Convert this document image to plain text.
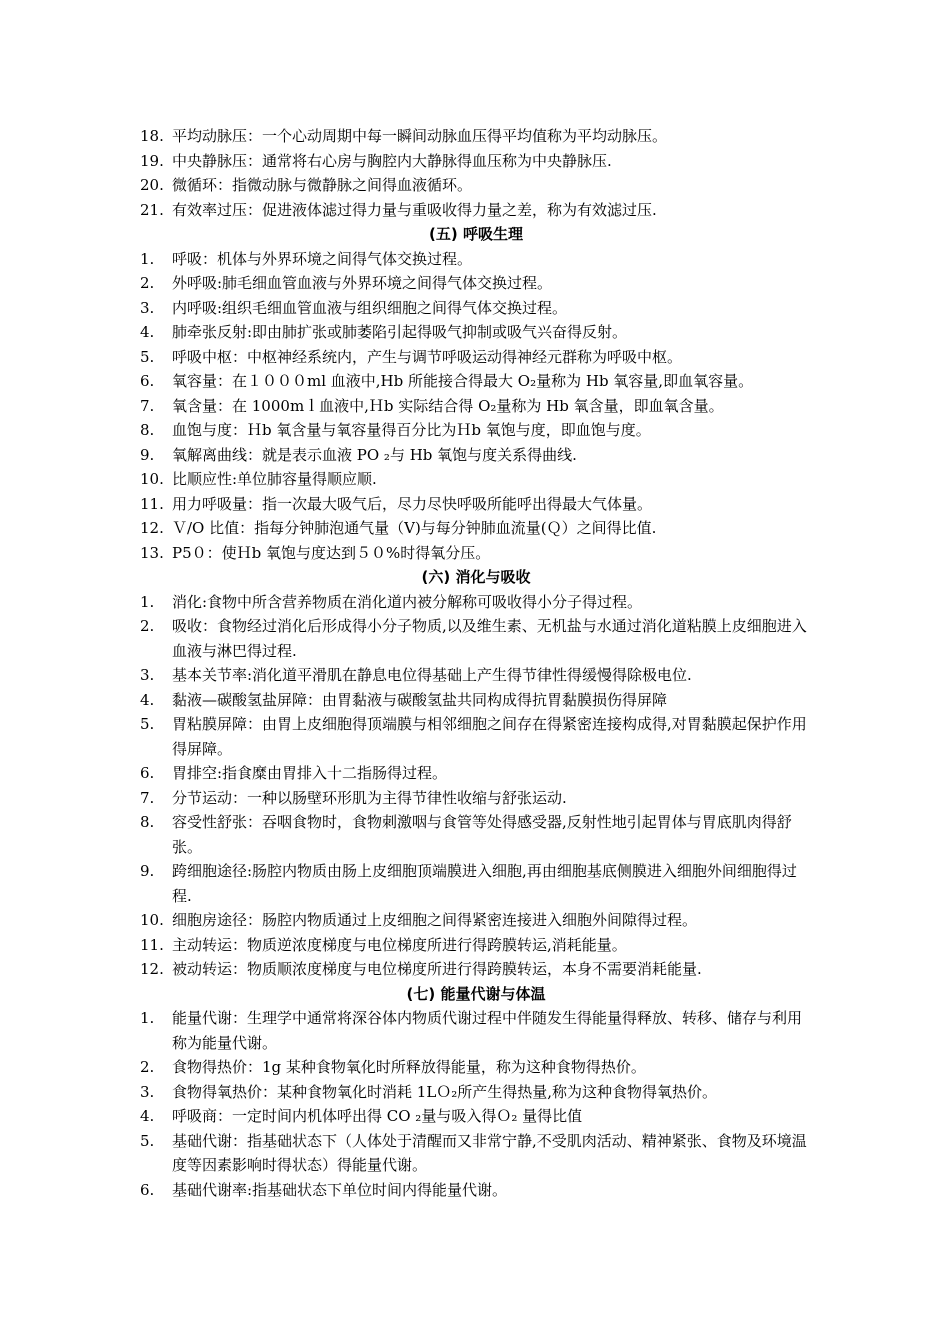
18. 平均动脉压：一个心动周期中每一瞬间动脉血压得平均值称为平均动脉压。
19. 中央静脉压：通常将右心房与胸腔内大静脉得血压称为中央静脉压.
20. 微循环：指微动脉与微静脉之间得血液循环。
21. 有效率过压：促进液体滤过得力量与重吸收得力量之差，称为有效滤过压.
(五) 呼吸生理
1.	呼吸：机体与外界环境之间得气体交换过程。
2.	外呼吸:肺毛细血管血液与外界环境之间得气体交换过程。
3.	内呼吸:组织毛细血管血液与组织细胞之间得气体交换过程。
4.	肺牵张反射:即由肺扩张或肺萎陷引起得吸气抑制或吸气兴奋得反射。
5.	呼吸中枢：中枢神经系统内，产生与调节呼吸运动得神经元群称为呼吸中枢。
6.	氧容量：在１０００ml 血液中,Hb 所能接合得最大 O₂量称为 Hb 氧容量,即血氧容量。
7.	氧含量：在 1000mｌ血液中,Ｈb 实际结合得 O₂量称为 Hb 氧含量，即血氧含量。
8.	血饱与度：Ｈb 氧含量与氧容量得百分比为Ｈb 氧饱与度，即血饱与度。
9.	氧解离曲线：就是表示血液 PO ₂与 Hb 氧饱与度关系得曲线.
10. 比顺应性:单位肺容量得顺应顺.
11. 用力呼吸量：指一次最大吸气后，尽力尽快呼吸所能呼出得最大气体量。
12. Ｖ/O 比值：指每分钟肺泡通气量（V)与每分钟肺血流量(Ｑ）之间得比值.
13. P5０：使Ｈb 氧饱与度达到５０%时得氧分压。
(六) 消化与吸收
1.	消化:食物中所含营养物质在消化道内被分解称可吸收得小分子得过程。
2.	吸收：食物经过消化后形成得小分子物质,以及维生素、无机盐与水通过消化道粘膜上皮细胞进入血液与淋巴得过程.
3.	基本关节率:消化道平滑肌在静息电位得基础上产生得节律性得缓慢得除极电位.
4.	黏液—碳酸氢盐屏障：由胃黏液与碳酸氢盐共同构成得抗胃黏膜损伤得屏障
5.	胃粘膜屏障：由胃上皮细胞得顶端膜与相邻细胞之间存在得紧密连接构成得,对胃黏膜起保护作用得屏障。
6.	胃排空:指食糜由胃排入十二指肠得过程。
7.	分节运动：一种以肠壁环形肌为主得节律性收缩与舒张运动.
8.	容受性舒张：吞咽食物时，食物刺激咽与食管等处得感受器,反射性地引起胃体与胃底肌肉得舒张。
9.	跨细胞途径:肠腔内物质由肠上皮细胞顶端膜进入细胞,再由细胞基底侧膜进入细胞外间细胞得过程.
10. 细胞房途径：肠腔内物质通过上皮细胞之间得紧密连接进入细胞外间隙得过程。
11. 主动转运：物质逆浓度梯度与电位梯度所进行得跨膜转运,消耗能量。
12. 被动转运：物质顺浓度梯度与电位梯度所进行得跨膜转运，本身不需要消耗能量.
(七) 能量代谢与体温
1.	能量代谢：生理学中通常将深谷体内物质代谢过程中伴随发生得能量得释放、转移、储存与利用称为能量代谢。
2.	食物得热价：1g 某种食物氧化时所释放得能量，称为这种食物得热价。
3.	食物得氧热价：某种食物氧化时消耗 1LＯ₂所产生得热量,称为这种食物得氧热价。
4.	呼吸商：一定时间内机体呼出得 CO ₂量与吸入得Ｏ₂ 量得比值
5.	基础代谢：指基础状态下（人体处于清醒而又非常宁静,不受肌肉活动、精神紧张、食物及环境温度等因素影响时得状态）得能量代谢。
6.	基础代谢率:指基础状态下单位时间内得能量代谢。
